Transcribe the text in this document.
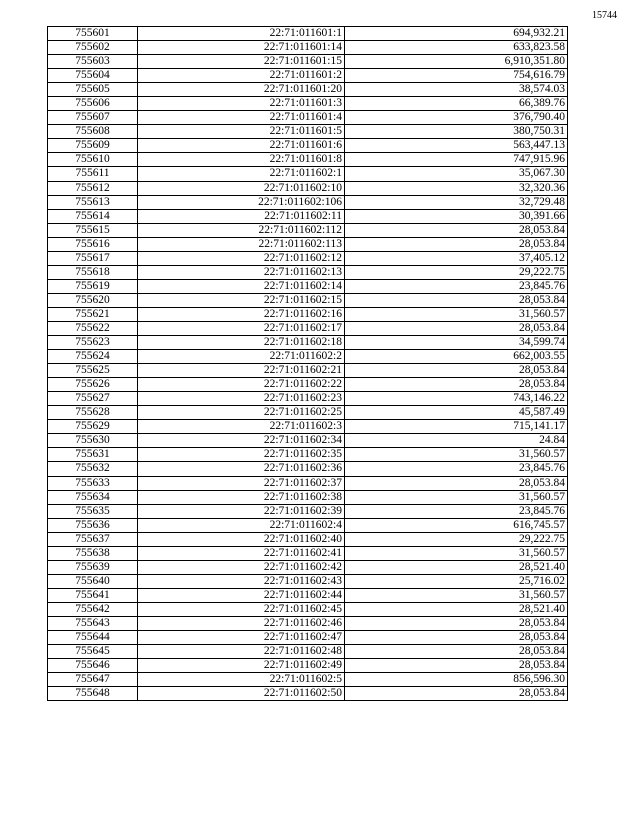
15744
755601	22:71:011601:1	694,932.21
755602	22:71:011601:14	633,823.58
755603	22:71:011601:15	6,910,351.80
755604	22:71:011601:2	754,616.79
755605	22:71:011601:20	38,574.03
755606	22:71:011601:3	66,389.76
755607	22:71:011601:4	376,790.40
755608	22:71:011601:5	380,750.31
755609	22:71:011601:6	563,447.13
755610	22:71:011601:8	747,915.96
755611	22:71:011602:1	35,067.30
755612	22:71:011602:10	32,320.36
755613	22:71:011602:106	32,729.48
755614	22:71:011602:11	30,391.66
755615	22:71:011602:112	28,053.84
755616	22:71:011602:113	28,053.84
755617	22:71:011602:12	37,405.12
755618	22:71:011602:13	29,222.75
755619	22:71:011602:14	23,845.76
755620	22:71:011602:15	28,053.84
755621	22:71:011602:16	31,560.57
755622	22:71:011602:17	28,053.84
755623	22:71:011602:18	34,599.74
755624	22:71:011602:2	662,003.55
755625	22:71:011602:21	28,053.84
755626	22:71:011602:22	28,053.84
755627	22:71:011602:23	743,146.22
755628	22:71:011602:25	45,587.49
755629	22:71:011602:3	715,141.17
755630	22:71:011602:34	24.84
755631	22:71:011602:35	31,560.57
755632	22:71:011602:36	23,845.76
755633	22:71:011602:37	28,053.84
755634	22:71:011602:38	31,560.57
755635	22:71:011602:39	23,845.76
755636	22:71:011602:4	616,745.57
755637	22:71:011602:40	29,222.75
755638	22:71:011602:41	31,560.57
755639	22:71:011602:42	28,521.40
755640	22:71:011602:43	25,716.02
755641	22:71:011602:44	31,560.57
755642	22:71:011602:45	28,521.40
755643	22:71:011602:46	28,053.84
755644	22:71:011602:47	28,053.84
755645	22:71:011602:48	28,053.84
755646	22:71:011602:49	28,053.84
755647	22:71:011602:5	856,596.30
755648	22:71:011602:50	28,053.84
